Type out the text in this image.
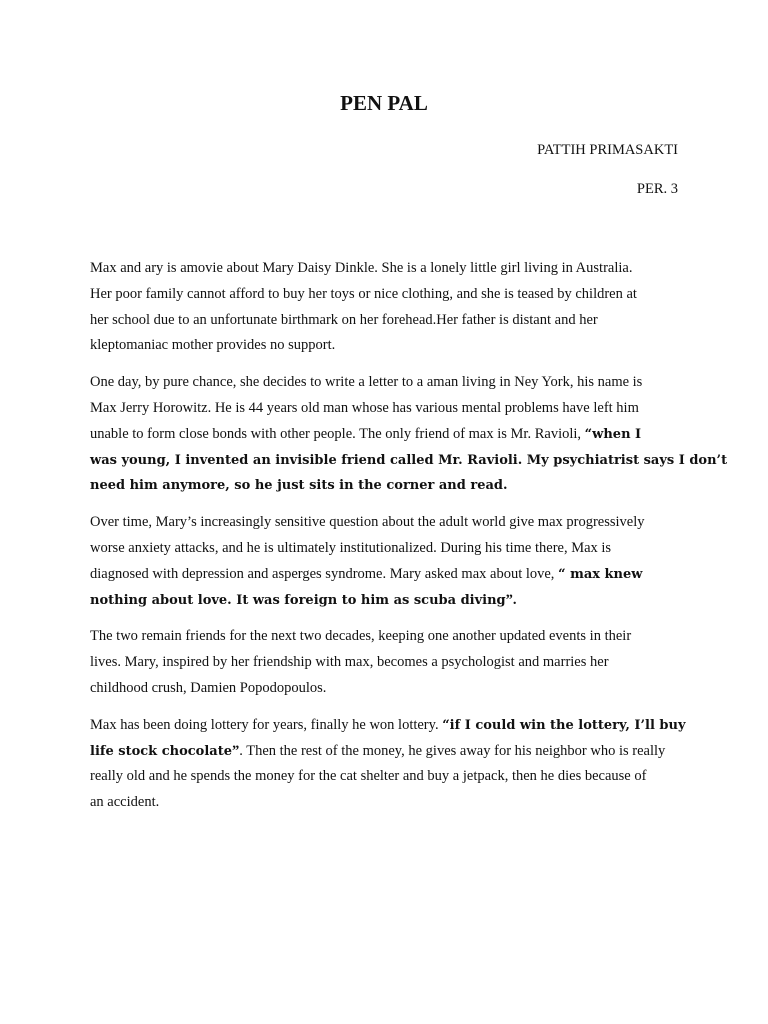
PEN PAL

PATTIH PRIMASAKTI

PER. 3

Max and ary is amovie about Mary Daisy Dinkle. She is a lonely little girl living in Australia.
Her poor family cannot afford to buy her toys or nice clothing, and she is teased by children at
her school due to an unfortunate birthmark on her forehead.Her father is distant and her
kleptomaniac mother provides no support.

One day, by pure chance, she decides to write a letter to a aman living in Ney York, his name is
Max Jerry Horowitz. He is 44 years old man whose has various mental problems have left him
unable to form close bonds with other people. The only friend of max is Mr. Ravioli, “when I
was young, I invented an invisible friend called Mr. Ravioli. My psychiatrist says I don’t
need him anymore, so he just sits in the corner and read.

Over time, Mary’s increasingly sensitive question about the adult world give max progressively
worse anxiety attacks, and he is ultimately institutionalized. During his time there, Max is
diagnosed with depression and asperges syndrome. Mary asked max about love, “ max knew
nothing about love. It was foreign to him as scuba diving”.

The two remain friends for the next two decades, keeping one another updated events in their
lives. Mary, inspired by her friendship with max, becomes a psychologist and marries her
childhood crush, Damien Popodopoulos.

Max has been doing lottery for years, finally he won lottery. “if I could win the lottery, I’ll buy
life stock chocolate”. Then the rest of the money, he gives away for his neighbor who is really
really old and he spends the money for the cat shelter and buy a jetpack, then he dies because of
an accident.
